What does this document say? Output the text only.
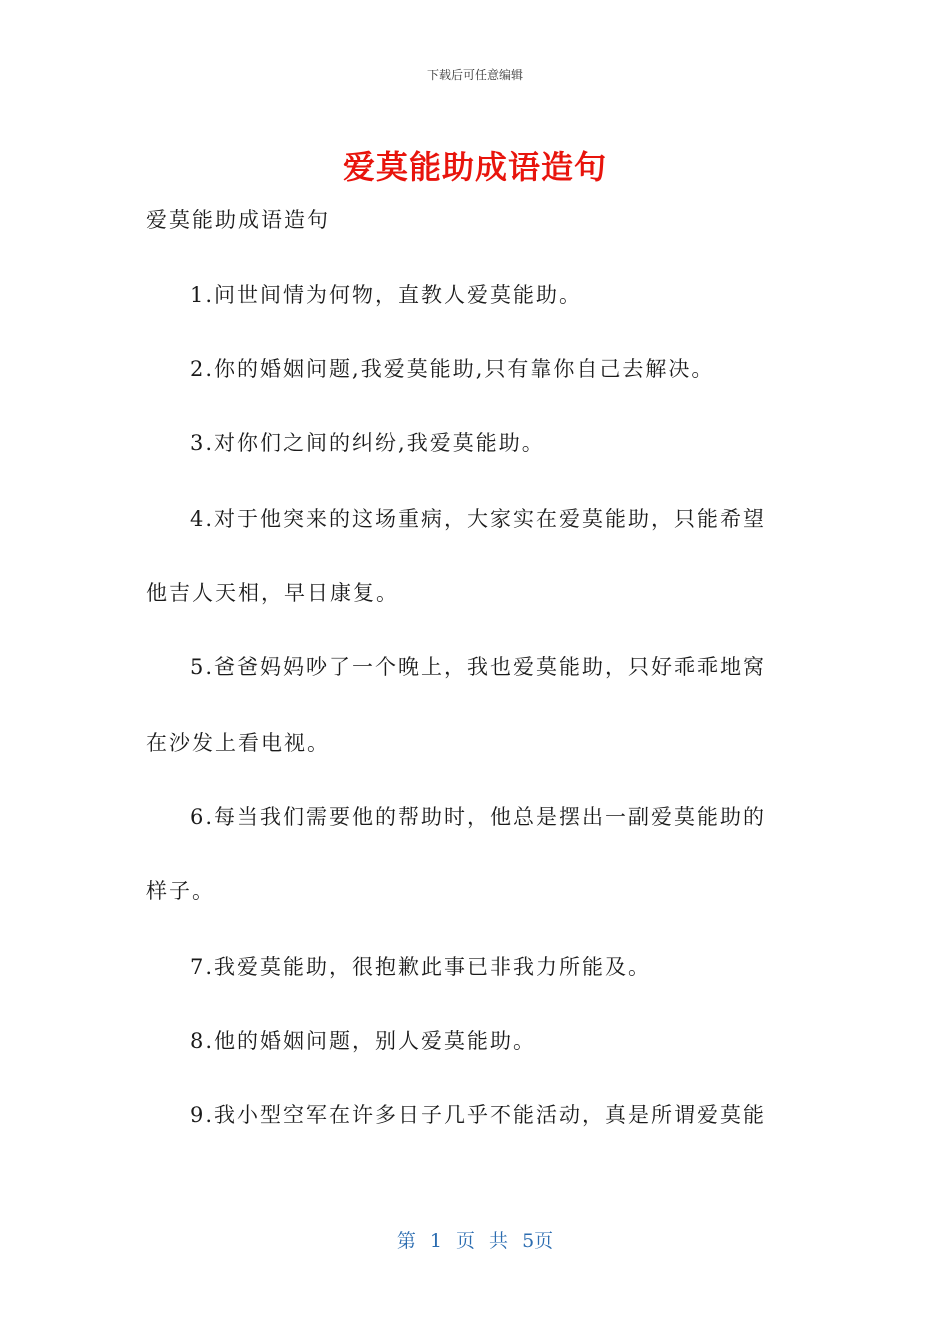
下载后可任意编辑
爱莫能助成语造句
爱莫能助成语造句
1.问世间情为何物，直教人爱莫能助。
2.你的婚姻问题,我爱莫能助,只有靠你自己去解决。
3.对你们之间的纠纷,我爱莫能助。
4.对于他突来的这场重病，大家实在爱莫能助，只能希望
他吉人天相，早日康复。
5.爸爸妈妈吵了一个晚上，我也爱莫能助，只好乖乖地窝
在沙发上看电视。
6.每当我们需要他的帮助时，他总是摆出一副爱莫能助的
样子。
7.我爱莫能助，很抱歉此事已非我力所能及。
8.他的婚姻问题，别人爱莫能助。
9.我小型空军在许多日子几乎不能活动，真是所谓爱莫能
第 1 页 共 5页
